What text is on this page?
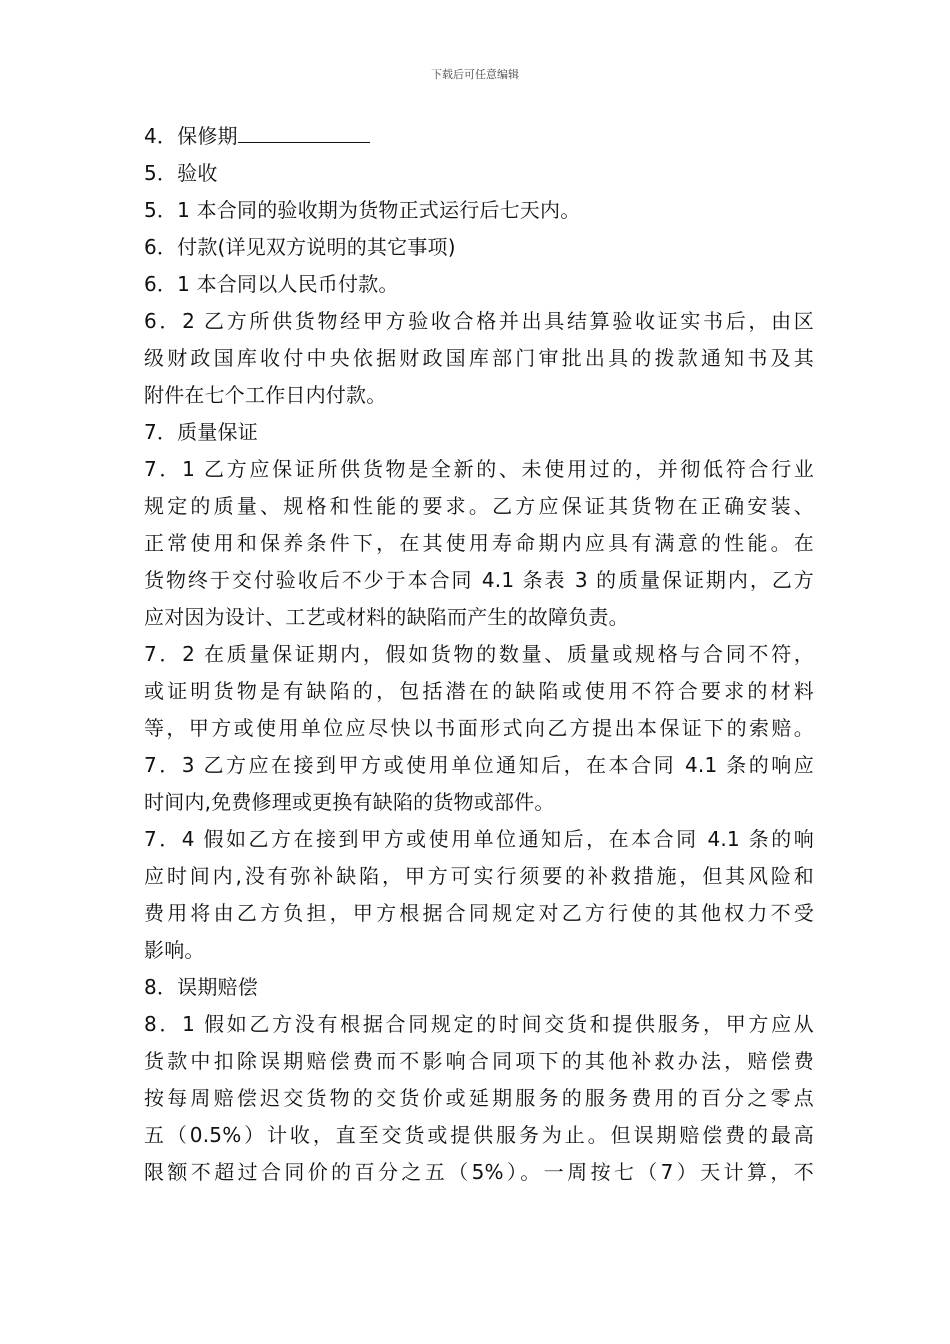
下载后可任意编辑
4．保修期
5．验收
5．1 本合同的验收期为货物正式运行后七天内。
6．付款(详见双方说明的其它事项)
6．1 本合同以人民币付款。
6．2 乙方所供货物经甲方验收合格并出具结算验收证实书后，由区
级财政国库收付中央依据财政国库部门审批出具的拨款通知书及其
附件在七个工作日内付款。
7．质量保证
7．1 乙方应保证所供货物是全新的、未使用过的，并彻低符合行业
规定的质量、规格和性能的要求。乙方应保证其货物在正确安装、
正常使用和保养条件下，在其使用寿命期内应具有满意的性能。在
货物终于交付验收后不少于本合同 4.1 条表 3 的质量保证期内，乙方
应对因为设计、工艺或材料的缺陷而产生的故障负责。
7．2 在质量保证期内，假如货物的数量、质量或规格与合同不符，
或证明货物是有缺陷的，包括潜在的缺陷或使用不符合要求的材料
等，甲方或使用单位应尽快以书面形式向乙方提出本保证下的索赔。
7．3 乙方应在接到甲方或使用单位通知后，在本合同 4.1 条的响应
时间内,免费修理或更换有缺陷的货物或部件。
7．4 假如乙方在接到甲方或使用单位通知后，在本合同 4.1 条的响
应时间内,没有弥补缺陷，甲方可实行须要的补救措施，但其风险和
费用将由乙方负担，甲方根据合同规定对乙方行使的其他权力不受
影响。
8．误期赔偿
8．1 假如乙方没有根据合同规定的时间交货和提供服务，甲方应从
货款中扣除误期赔偿费而不影响合同项下的其他补救办法，赔偿费
按每周赔偿迟交货物的交货价或延期服务的服务费用的百分之零点
五（0.5%）计收，直至交货或提供服务为止。但误期赔偿费的最高
限额不超过合同价的百分之五（5%）。一周按七（7）天计算，不
